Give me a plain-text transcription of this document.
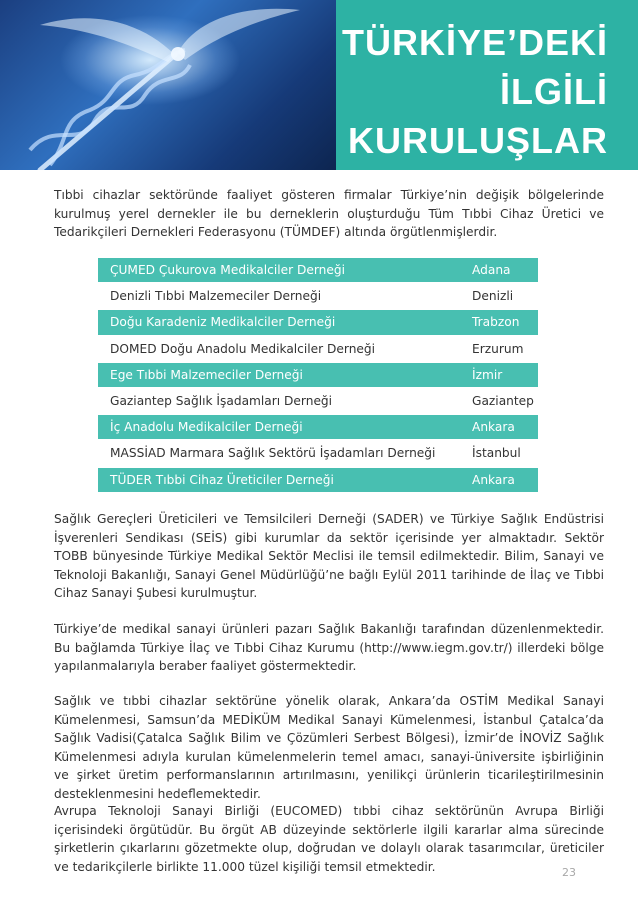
TÜRKİYE’DEKİ
İLGİLİ
KURULUŞLAR

Tıbbi cihazlar sektöründe faaliyet gösteren firmalar Türkiye’nin değişik bölgelerinde kurulmuş yerel dernekler ile bu derneklerin oluşturduğu Tüm Tıbbi Cihaz Üretici ve Tedarikçileri Dernekleri Federasyonu (TÜMDEF) altında örgütlenmişlerdir.

ÇUMED Çukurova Medikalciler Derneği	Adana
Denizli Tıbbi Malzemeciler Derneği	Denizli
Doğu Karadeniz Medikalciler Derneği	Trabzon
DOMED Doğu Anadolu Medikalciler Derneği	Erzurum
Ege Tıbbi Malzemeciler Derneği	İzmir
Gaziantep Sağlık İşadamları Derneği	Gaziantep
İç Anadolu Medikalciler Derneği	Ankara
MASSİAD Marmara Sağlık Sektörü İşadamları Derneği	İstanbul
TÜDER Tıbbi Cihaz Üreticiler Derneği	Ankara

Sağlık Gereçleri Üreticileri ve Temsilcileri Derneği (SADER) ve Türkiye Sağlık Endüstrisi İşverenleri Sendikası (SEİS) gibi kurumlar da sektör içerisinde yer almaktadır. Sektör TOBB bünyesinde Türkiye Medikal Sektör Meclisi ile temsil edilmektedir. Bilim, Sanayi ve Teknoloji Bakanlığı, Sanayi Genel Müdürlüğü’ne bağlı Eylül 2011 tarihinde de İlaç ve Tıbbi Cihaz Sanayi Şubesi kurulmuştur.

Türkiye’de medikal sanayi ürünleri pazarı Sağlık Bakanlığı tarafından düzenlenmektedir. Bu bağlamda Türkiye İlaç ve Tıbbi Cihaz Kurumu (http://www.iegm.gov.tr/) illerdeki bölge yapılanmalarıyla beraber faaliyet göstermektedir.

Sağlık ve tıbbi cihazlar sektörüne yönelik olarak, Ankara’da OSTİM Medikal Sanayi Kümelenmesi, Samsun’da MEDİKÜM Medikal Sanayi Kümelenmesi, İstanbul Çatalca’da Sağlık Vadisi(Çatalca Sağlık Bilim ve Çözümleri Serbest Bölgesi), İzmir’de İNOVİZ Sağlık Kümelenmesi adıyla kurulan kümelenmelerin temel amacı, sanayi-üniversite işbirliğinin ve şirket üretim performanslarının artırılmasını, yenilikçi ürünlerin ticarileştirilmesinin desteklenmesini hedeflemektedir.

Avrupa Teknoloji Sanayi Birliği (EUCOMED) tıbbi cihaz sektörünün Avrupa Birliği içerisindeki örgütüdür. Bu örgüt AB düzeyinde sektörlerle ilgili kararlar alma sürecinde şirketlerin çıkarlarını gözetmekte olup, doğrudan ve dolaylı olarak tasarımcılar, üreticiler ve tedarikçilerle birlikte 11.000 tüzel kişiliği temsil etmektedir.	23
